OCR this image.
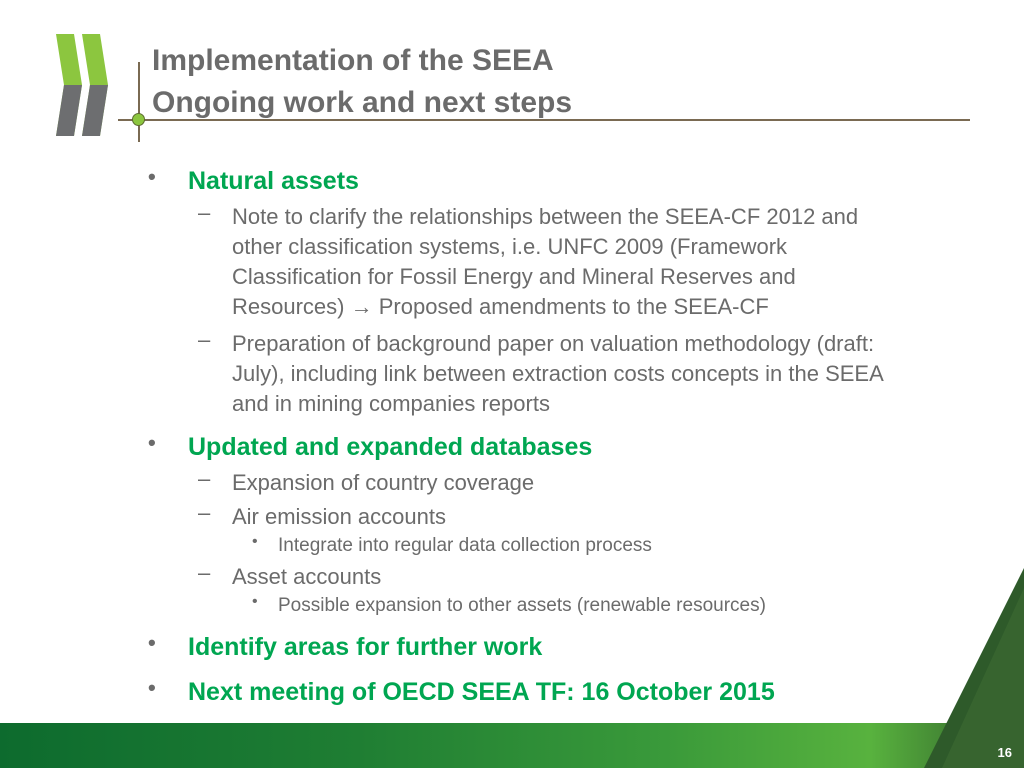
Implementation of the SEEA
Ongoing work and next steps
• Natural assets
– Note to clarify the relationships between the SEEA-CF 2012 and
other classification systems, i.e. UNFC 2009 (Framework
Classification for Fossil Energy and Mineral Reserves and
Resources) → Proposed amendments to the SEEA-CF
– Preparation of background paper on valuation methodology (draft:
July), including link between extraction costs concepts in the SEEA
and in mining companies reports
• Updated and expanded databases
– Expansion of country coverage
– Air emission accounts
• Integrate into regular data collection process
– Asset accounts
• Possible expansion to other assets (renewable resources)
• Identify areas for further work
• Next meeting of OECD SEEA TF: 16 October 2015
16
